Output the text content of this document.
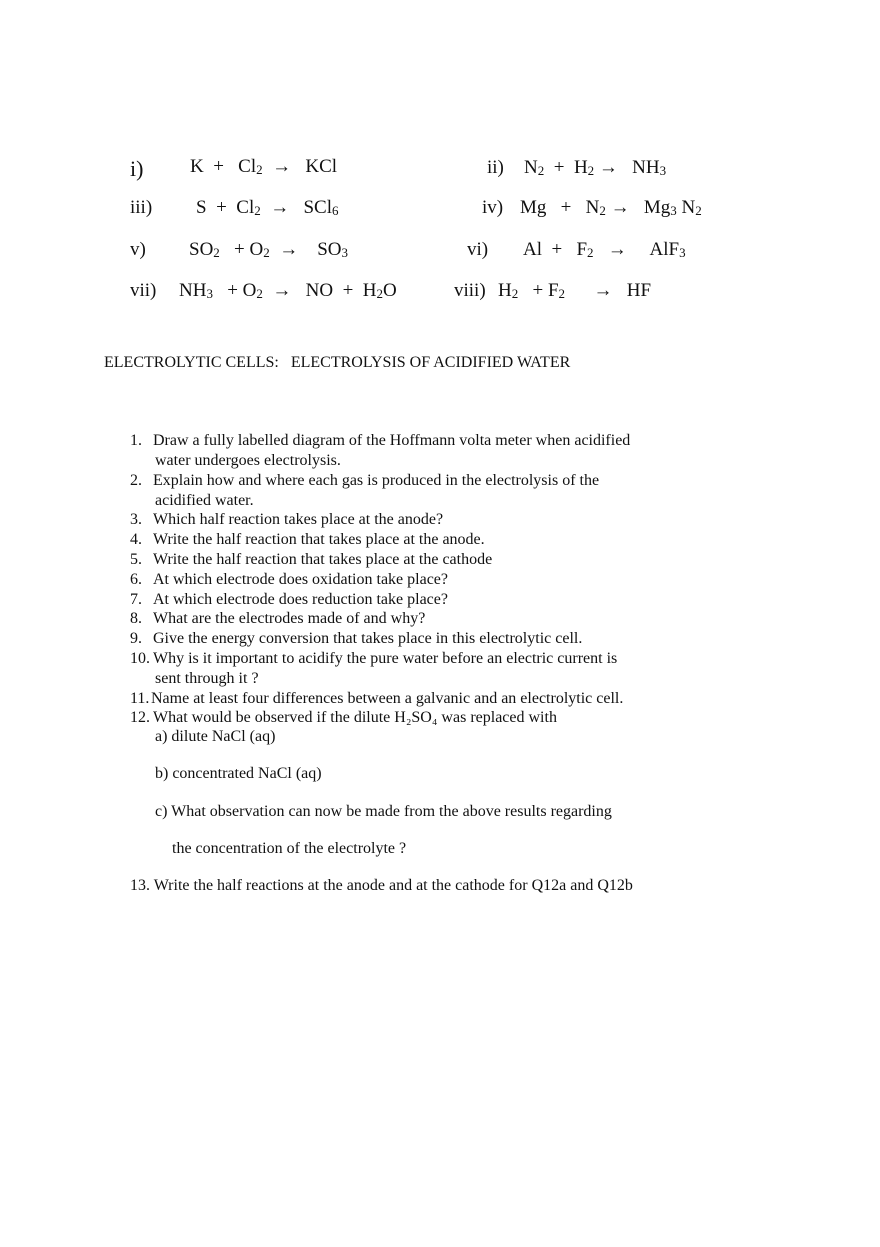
i) $K + Cl_2$  →   KCl	ii) $N_2 + H_2 \to NH_3$
iii) $S + Cl_2 \to SCl_6$	iv) $Mg + N_2 \to Mg_3$ $N_2$
v) $SO_2 + O_2$  →    $SO_3$	vi) $Al + F_2$   →     AlF$_3$
vii) $NH_3 + O_2$  →   NO  +  $H_2O$	viii) $H_2 + F_2$      →   HF
ELECTROLYTIC CELLS:   ELECTROLYSIS OF ACIDIFIED WATER
1. Draw a fully labelled diagram of the Hoffmann volta meter when acidified
water undergoes electrolysis.
2. Explain how and where each gas is produced in the electrolysis of the
acidified water.
3. Which half reaction takes place at the anode?
4. Write the half reaction that takes place at the anode.
5. Write the half reaction that takes place at the cathode
6. At which electrode does oxidation take place?
7. At which electrode does reduction take place?
8. What are the electrodes made of and why?
9. Give the energy conversion that takes place in this electrolytic cell.
10. Why is it important to acidify the pure water before an electric current is
sent through it ?
11. Name at least four differences between a galvanic and an electrolytic cell.
12. What would be observed if the dilute H₂SO₄ was replaced with
a) dilute NaCl (aq)
b) concentrated NaCl (aq)
c) What observation can now be made from the above results regarding
the concentration of the electrolyte ?
13. Write the half reactions at the anode and at the cathode for Q12a and Q12b
